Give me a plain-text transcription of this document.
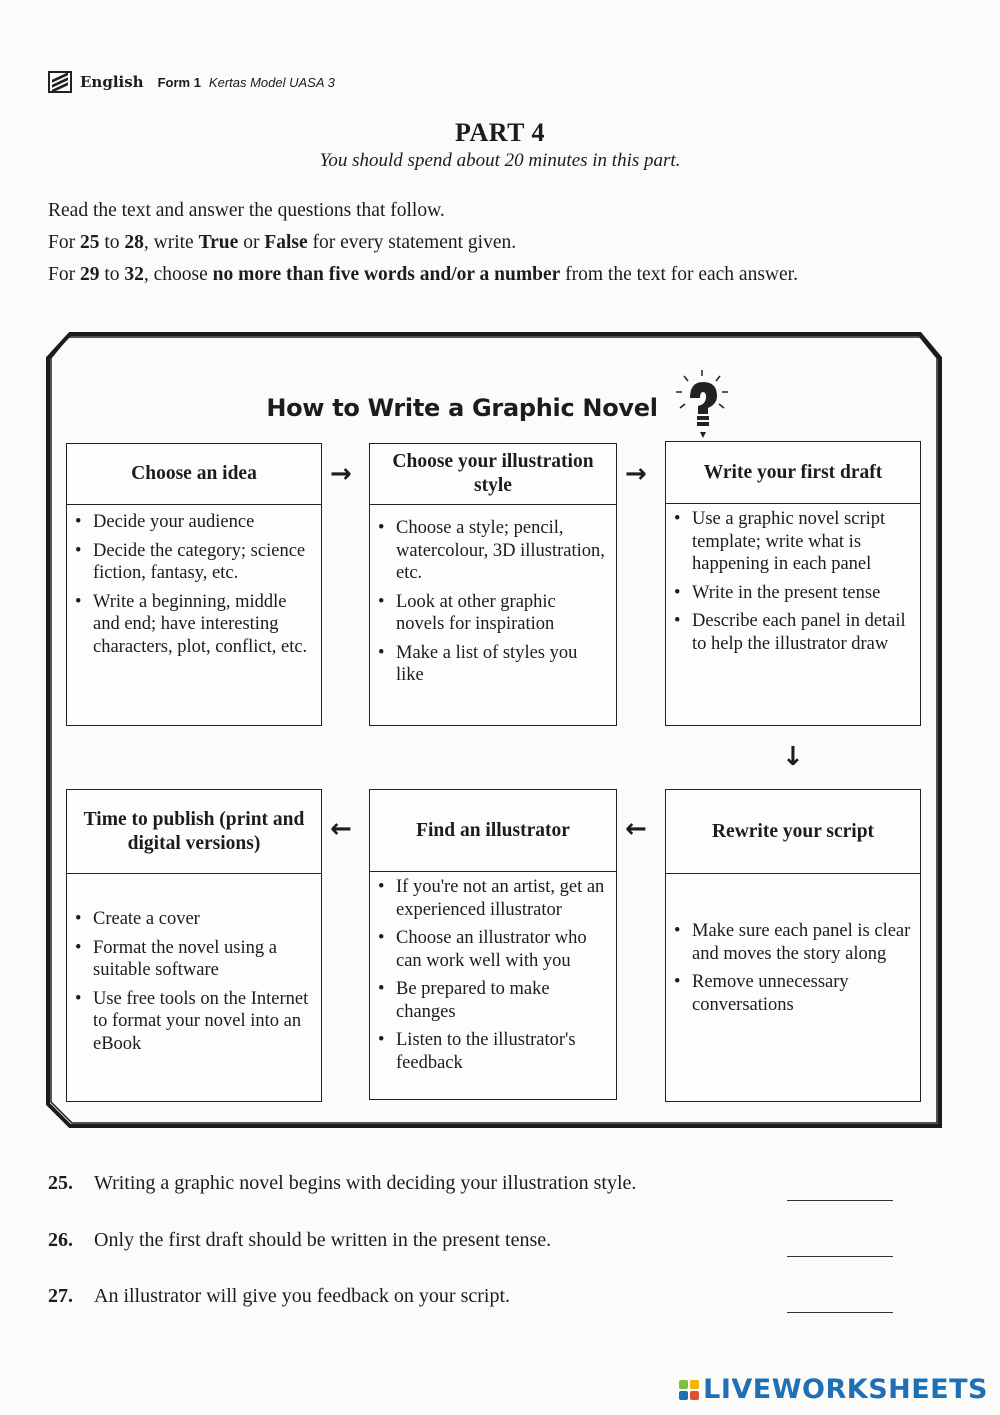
English Form 1 Kertas Model UASA 3
PART 4
You should spend about 20 minutes in this part.
Read the text and answer the questions that follow.
For 25 to 28, write True or False for every statement given.
For 29 to 32, choose no more than five words and/or a number from the text for each answer.
How to Write a Graphic Novel
Choose an idea
• Decide your audience
• Decide the category; science fiction, fantasy, etc.
• Write a beginning, middle and end; have interesting characters, plot, conflict, etc.
→	Choose your illustration style
• Choose a style; pencil, watercolour, 3D illustration, etc.
• Look at other graphic novels for inspiration
• Make a list of styles you like
→	Write your first draft
• Use a graphic novel script template; write what is happening in each panel
• Write in the present tense
• Describe each panel in detail to help the illustrator draw
↓
Time to publish (print and digital versions)
• Create a cover
• Format the novel using a suitable software
• Use free tools on the Internet to format your novel into an eBook
←	Find an illustrator
• If you're not an artist, get an experienced illustrator
• Choose an illustrator who can work well with you
• Be prepared to make changes
• Listen to the illustrator's feedback
←	Rewrite your script
• Make sure each panel is clear and moves the story along
• Remove unnecessary conversations
25.	Writing a graphic novel begins with deciding your illustration style.
26.	Only the first draft should be written in the present tense.
27.	An illustrator will give you feedback on your script.
LIVEWORKSHEETS
